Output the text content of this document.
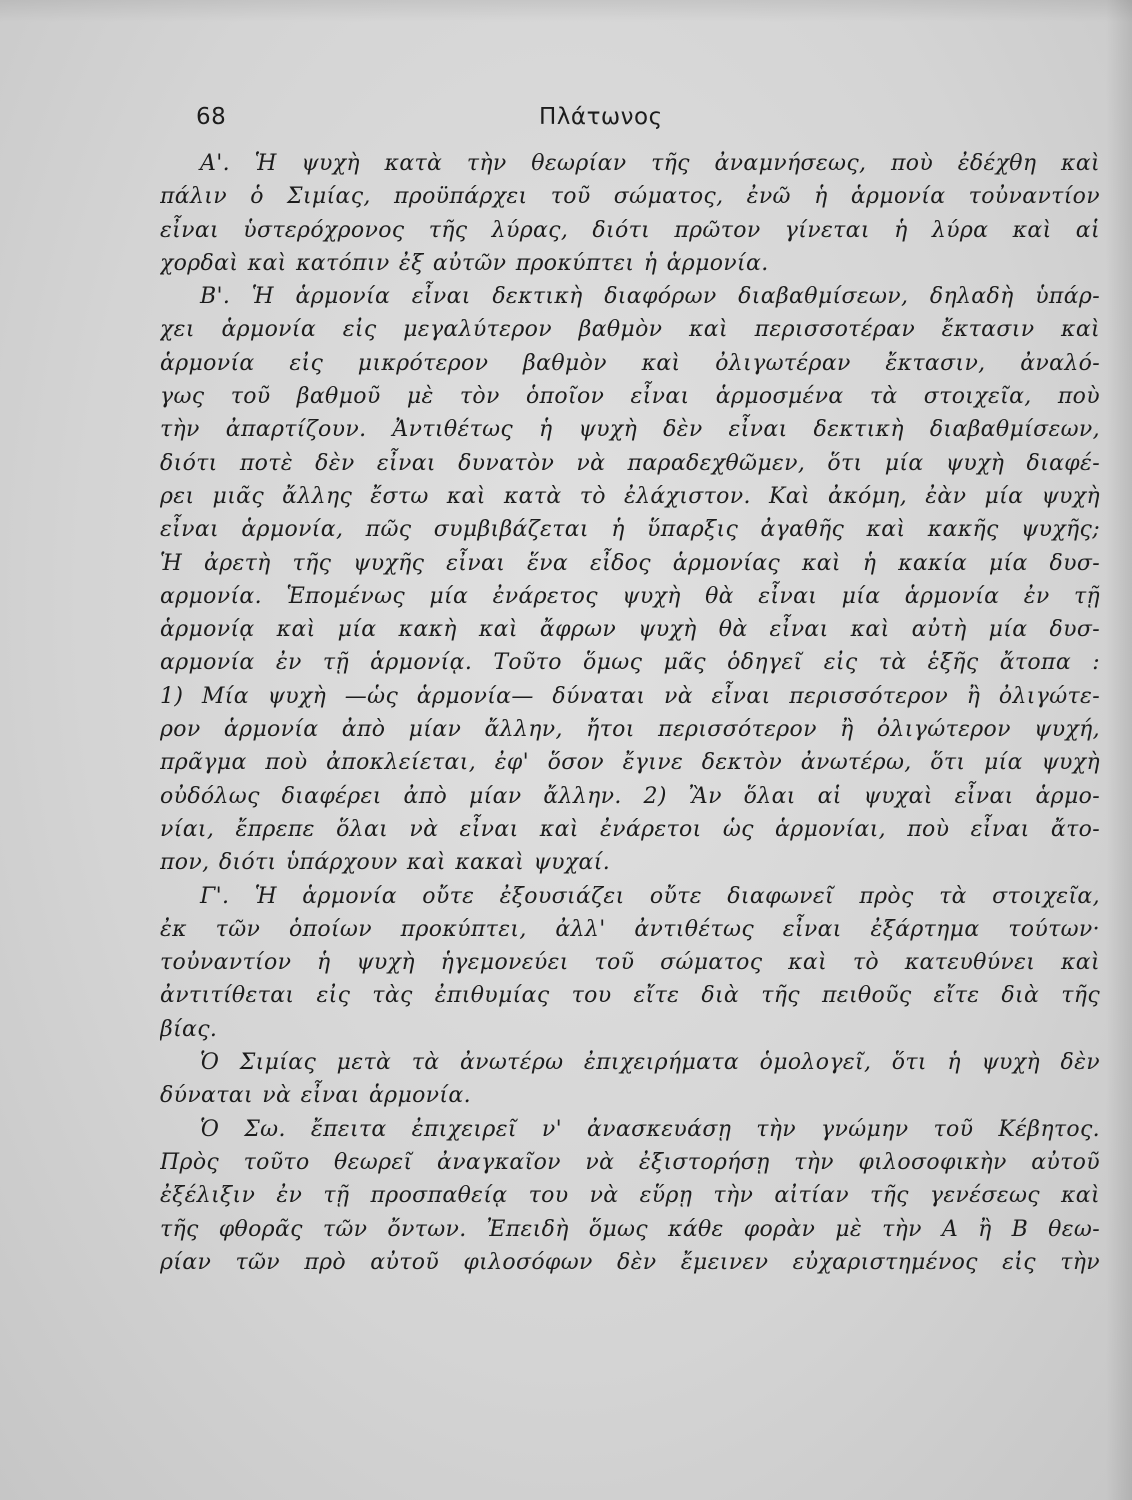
68	Πλάτωνος
Α'. Ἡ ψυχὴ κατὰ τὴν θεωρίαν τῆς ἀναμνήσεως, ποὺ ἐδέχθη καὶ
πάλιν ὁ Σιμίας, προϋπάρχει τοῦ σώματος, ἐνῶ ἡ ἁρμονία τοὐναντίον
εἶναι ὑστερόχρονος τῆς λύρας, διότι πρῶτον γίνεται ἡ λύρα καὶ αἱ
χορδαὶ καὶ κατόπιν ἐξ αὐτῶν προκύπτει ἡ ἁρμονία.
Β'. Ἡ ἁρμονία εἶναι δεκτικὴ διαφόρων διαβαθμίσεων, δηλαδὴ ὑπάρ-
χει ἁρμονία εἰς μεγαλύτερον βαθμὸν καὶ περισσοτέραν ἔκτασιν καὶ
ἁρμονία εἰς μικρότερον βαθμὸν καὶ ὀλιγωτέραν ἔκτασιν, ἀναλό-
γως τοῦ βαθμοῦ μὲ τὸν ὁποῖον εἶναι ἁρμοσμένα τὰ στοιχεῖα, ποὺ
τὴν ἀπαρτίζουν. Ἀντιθέτως ἡ ψυχὴ δὲν εἶναι δεκτικὴ διαβαθμίσεων,
διότι ποτὲ δὲν εἶναι δυνατὸν νὰ παραδεχθῶμεν, ὅτι μία ψυχὴ διαφέ-
ρει μιᾶς ἄλλης ἔστω καὶ κατὰ τὸ ἐλάχιστον. Καὶ ἀκόμη, ἐὰν μία ψυχὴ
εἶναι ἁρμονία, πῶς συμβιβάζεται ἡ ὕπαρξις ἀγαθῆς καὶ κακῆς ψυχῆς;
Ἡ ἀρετὴ τῆς ψυχῆς εἶναι ἕνα εἶδος ἁρμονίας καὶ ἡ κακία μία δυσ-
αρμονία. Ἑπομένως μία ἐνάρετος ψυχὴ θὰ εἶναι μία ἁρμονία ἐν τῇ
ἁρμονίᾳ καὶ μία κακὴ καὶ ἄφρων ψυχὴ θὰ εἶναι καὶ αὐτὴ μία δυσ-
αρμονία ἐν τῇ ἁρμονίᾳ. Τοῦτο ὅμως μᾶς ὁδηγεῖ εἰς τὰ ἑξῆς ἄτοπα :
1) Μία ψυχὴ —ὡς ἁρμονία— δύναται νὰ εἶναι περισσότερον ἢ ὀλιγώτε-
ρον ἁρμονία ἀπὸ μίαν ἄλλην, ἤτοι περισσότερον ἢ ὀλιγώτερον ψυχή,
πρᾶγμα ποὺ ἀποκλείεται, ἐφ' ὅσον ἔγινε δεκτὸν ἀνωτέρω, ὅτι μία ψυχὴ
οὐδόλως διαφέρει ἀπὸ μίαν ἄλλην. 2) Ἂν ὅλαι αἱ ψυχαὶ εἶναι ἁρμο-
νίαι, ἔπρεπε ὅλαι νὰ εἶναι καὶ ἐνάρετοι ὡς ἁρμονίαι, ποὺ εἶναι ἄτο-
πον, διότι ὑπάρχουν καὶ κακαὶ ψυχαί.
Γ'. Ἡ ἁρμονία οὔτε ἐξουσιάζει οὔτε διαφωνεῖ πρὸς τὰ στοιχεῖα,
ἐκ τῶν ὁποίων προκύπτει, ἀλλ' ἀντιθέτως εἶναι ἐξάρτημα τούτων·
τοὐναντίον ἡ ψυχὴ ἡγεμονεύει τοῦ σώματος καὶ τὸ κατευθύνει καὶ
ἀντιτίθεται εἰς τὰς ἐπιθυμίας του εἴτε διὰ τῆς πειθοῦς εἴτε διὰ τῆς
βίας.
Ὁ Σιμίας μετὰ τὰ ἀνωτέρω ἐπιχειρήματα ὁμολογεῖ, ὅτι ἡ ψυχὴ δὲν
δύναται νὰ εἶναι ἁρμονία.
Ὁ Σω. ἔπειτα ἐπιχειρεῖ ν' ἀνασκευάσῃ τὴν γνώμην τοῦ Κέβητος.
Πρὸς τοῦτο θεωρεῖ ἀναγκαῖον νὰ ἐξιστορήσῃ τὴν φιλοσοφικὴν αὐτοῦ
ἐξέλιξιν ἐν τῇ προσπαθείᾳ του νὰ εὕρῃ τὴν αἰτίαν τῆς γενέσεως καὶ
τῆς φθορᾶς τῶν ὄντων. Ἐπειδὴ ὅμως κάθε φορὰν μὲ τὴν Α ἢ Β θεω-
ρίαν τῶν πρὸ αὐτοῦ φιλοσόφων δὲν ἔμεινεν εὐχαριστημένος εἰς τὴν
